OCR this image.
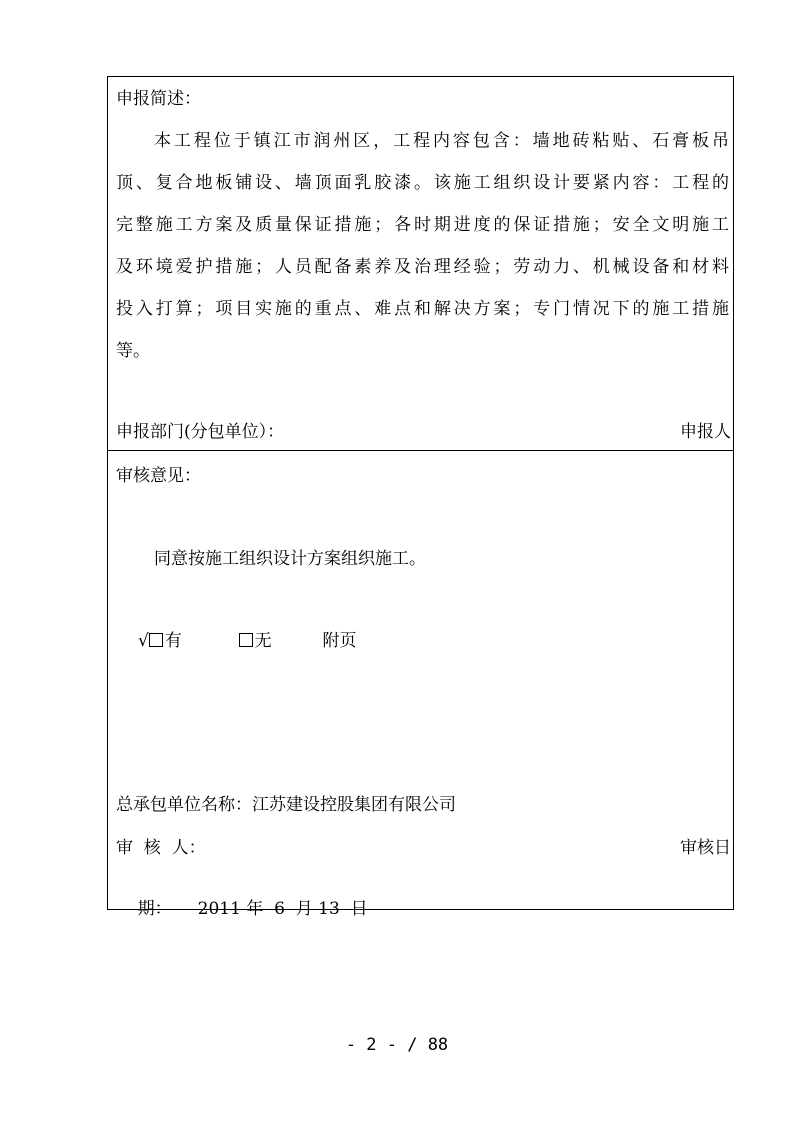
申报简述：
本工程位于镇江市润州区，工程内容包含：墙地砖粘贴、石膏板吊
顶、复合地板铺设、墙顶面乳胶漆。该施工组织设计要紧内容：工程的
完整施工方案及质量保证措施；各时期进度的保证措施；安全文明施工
及环境爱护措施；人员配备素养及治理经验；劳动力、机械设备和材料
投入打算；项目实施的重点、难点和解决方案；专门情况下的施工措施
等。
申报部门(分包单位）：	申报人
审核意见：
同意按施工组织设计方案组织施工。
√ 有	无	附页
总承包单位名称：江苏建设控股集团有限公司
审  核  人：	审核日

期： 2011 年  6  月 13  日

- 2 - / 88
